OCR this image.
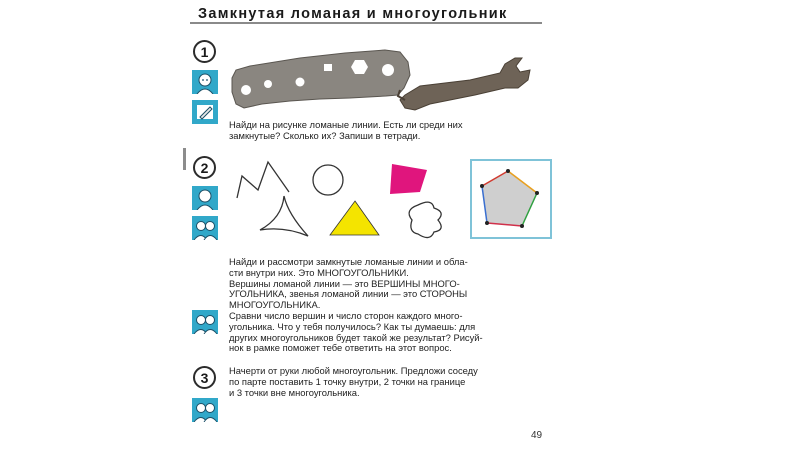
Замкнутая ломаная и многоугольник
1
Найди на рисунке ломаные линии. Есть ли среди них
замкнутые? Сколько их? Запиши в тетради.
2
Найди и рассмотри замкнутые ломаные линии и обла-
сти внутри них. Это МНОГОУГОЛЬНИКИ.
Вершины ломаной линии — это ВЕРШИНЫ МНОГО-
УГОЛЬНИКА, звенья ломаной линии — это СТОРОНЫ
МНОГОУГОЛЬНИКА.
Сравни число вершин и число сторон каждого много-
угольника. Что у тебя получилось? Как ты думаешь: для
других многоугольников будет такой же результат? Рисуй-
нок в рамке поможет тебе ответить на этот вопрос.
3	Начерти от руки любой многоугольник. Предложи соседу
по парте поставить 1 точку внутри, 2 точки на границе
и 3 точки вне многоугольника.
49
